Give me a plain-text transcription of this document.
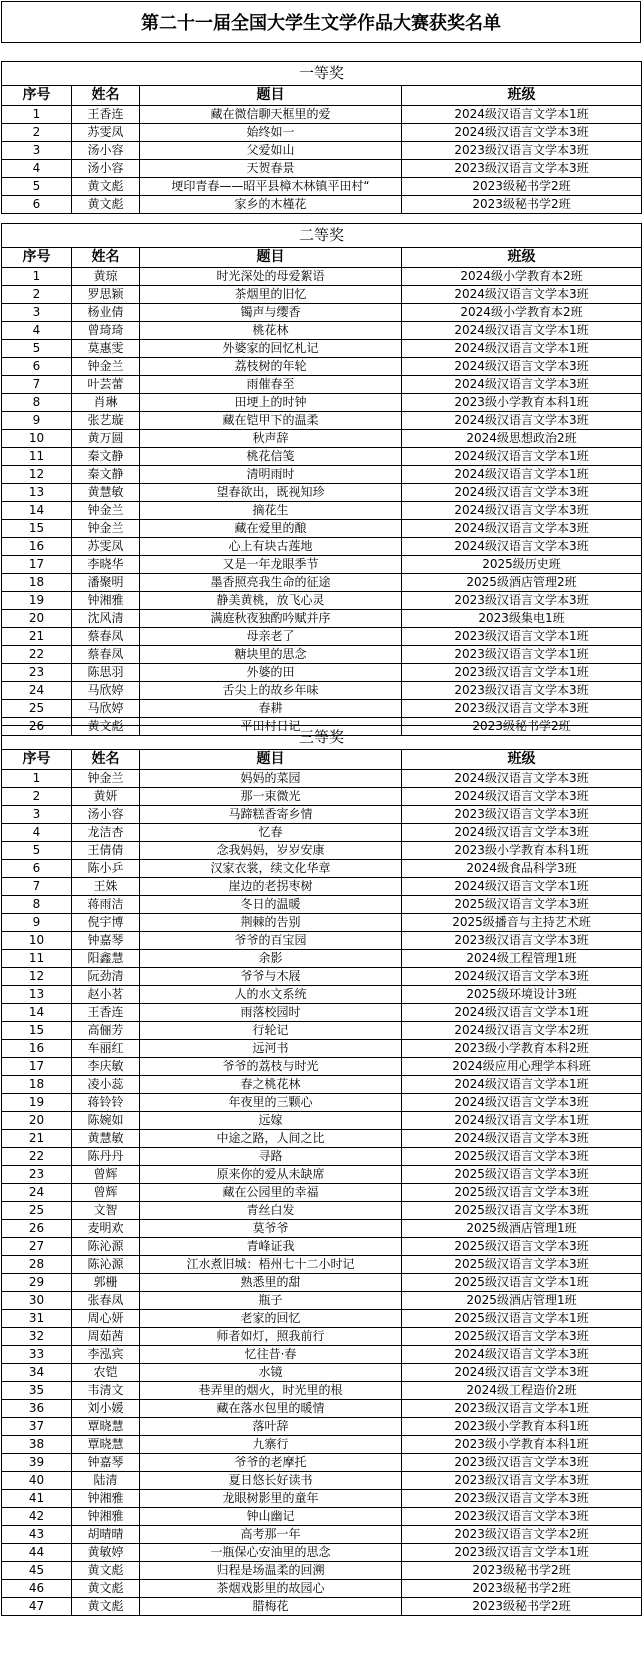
第二十一届全国大学生文学作品大赛获奖名单
一等奖			
序号	姓名	题目	班级
1	王香连	藏在微信聊天框里的爱	2024级汉语言文学本1班
2	苏雯凤	始终如一	2024级汉语言文学本3班
3	汤小容	父爱如山	2023级汉语言文学本3班
4	汤小容	天贺春景	2023级汉语言文学本3班
5	黄文彪	埂印青春——昭平县樟木林镇平田村“	2023级秘书学2班
6	黄文彪	家乡的木槿花	2023级秘书学2班
二等奖			
序号	姓名	题目	班级
1	黄琼	时光深处的母爱絮语	2024级小学教育本2班
2	罗思颖	茶烟里的旧忆	2024级汉语言文学本3班
3	杨业倩	镯声与缨香	2024级小学教育本2班
4	曾琦琦	桃花林	2024级汉语言文学本1班
5	莫惠雯	外婆家的回忆札记	2024级汉语言文学本1班
6	钟金兰	荔枝树的年轮	2024级汉语言文学本3班
7	叶芸蕾	雨催春至	2024级汉语言文学本3班
8	肖琳	田埂上的时钟	2023级小学教育本科1班
9	张艺璇	藏在铠甲下的温柔	2024级汉语言文学本3班
10	黄万圆	秋声辞	2024级思想政治2班
11	秦文静	桃花信笺	2024级汉语言文学本1班
12	秦文静	清明雨时	2024级汉语言文学本1班
13	黄慧敏	望春欲出，既视知珍	2024级汉语言文学本3班
14	钟金兰	摘花生	2024级汉语言文学本3班
15	钟金兰	藏在爱里的酿	2024级汉语言文学本3班
16	苏雯凤	心上有块古莲地	2024级汉语言文学本3班
17	李晓华	又是一年龙眼季节	2025级历史班
18	潘聚明	墨香照亮我生命的征途	2025级酒店管理2班
19	钟湘雅	静美黄桃，放飞心灵	2023级汉语言文学本3班
20	沈风清	满庭秋夜独酌吟赋并序	2023级集电1班
21	蔡春凤	母亲老了	2023级汉语言文学本1班
22	蔡春凤	糖块里的思念	2023级汉语言文学本1班
23	陈思羽	外婆的田	2023级汉语言文学本1班
24	马欣婷	舌尖上的故乡年味	2023级汉语言文学本3班
25	马欣婷	春耕	2023级汉语言文学本3班
26	黄文彪	平田村日记	2023级秘书学2班
三等奖			
序号	姓名	题目	班级
1	钟金兰	妈妈的菜园	2024级汉语言文学本3班
2	黄妍	那一束微光	2024级汉语言文学本3班
3	汤小容	马蹄糕香寄乡情	2023级汉语言文学本3班
4	龙洁杏	忆春	2024级汉语言文学本3班
5	王倩倩	念我妈妈，岁岁安康	2023级小学教育本科1班
6	陈小乒	汉家衣裳，续文化华章	2024级食品科学3班
7	王姝	崖边的老拐枣树	2024级汉语言文学本1班
8	蒋雨洁	冬日的温暖	2025级汉语言文学本3班
9	倪宇博	荆棘的告别	2025级播音与主持艺术班
10	钟嘉琴	爷爷的百宝园	2023级汉语言文学本3班
11	阳鑫慧	余影	2024级工程管理1班
12	阮劲清	爷爷与木屐	2024级汉语言文学本3班
13	赵小茗	人的水文系统	2025级环境设计3班
14	王香连	雨落校园时	2024级汉语言文学本1班
15	高俪芳	行轮记	2024级汉语言文学本2班
16	车丽红	远河书	2023级小学教育本科2班
17	李庆敏	爷爷的荔枝与时光	2024级应用心理学本科班
18	凌小蕊	春之桃花林	2024级汉语言文学本1班
19	蒋铃铃	年夜里的三颗心	2024级汉语言文学本3班
20	陈婉如	远嫁	2024级汉语言文学本1班
21	黄慧敏	中途之路，人间之比	2024级汉语言文学本3班
22	陈丹丹	寻路	2025级汉语言文学本3班
23	曾辉	原来你的爱从未缺席	2025级汉语言文学本3班
24	曾辉	藏在公园里的幸福	2025级汉语言文学本3班
25	文智	青丝白发	2025级汉语言文学本3班
26	麦明欢	莫爷爷	2025级酒店管理1班
27	陈沁源	青峰证我	2025级汉语言文学本3班
28	陈沁源	江水煮旧城：梧州七十二小时记	2025级汉语言文学本3班
29	郭栅	熟悉里的甜	2025级汉语言文学本1班
30	张春凤	瓶子	2025级酒店管理1班
31	周心妍	老家的回忆	2025级汉语言文学本1班
32	周茹茜	师者如灯，照我前行	2025级汉语言文学本3班
33	李泓宾	忆往昔·春	2024级汉语言文学本3班
34	农铠	水镜	2024级汉语言文学本3班
35	韦清文	巷弄里的烟火，时光里的根	2024级工程造价2班
36	刘小媛	藏在落水包里的暖情	2023级汉语言文学本1班
37	覃晓慧	落叶辞	2023级小学教育本科1班
38	覃晓慧	九寨行	2023级小学教育本科1班
39	钟嘉琴	爷爷的老摩托	2023级汉语言文学本3班
40	陆清	夏日悠长好读书	2023级汉语言文学本3班
41	钟湘雅	龙眼树影里的童年	2023级汉语言文学本3班
42	钟湘雅	钟山幽记	2023级汉语言文学本3班
43	胡晴晴	高考那一年	2023级汉语言文学本2班
44	黄敏婷	一瓶保心安油里的思念	2023级汉语言文学本1班
45	黄文彪	归程是场温柔的回溯	2023级秘书学2班
46	黄文彪	茶烟戏影里的故园心	2023级秘书学2班
47	黄文彪	腊梅花	2023级秘书学2班
